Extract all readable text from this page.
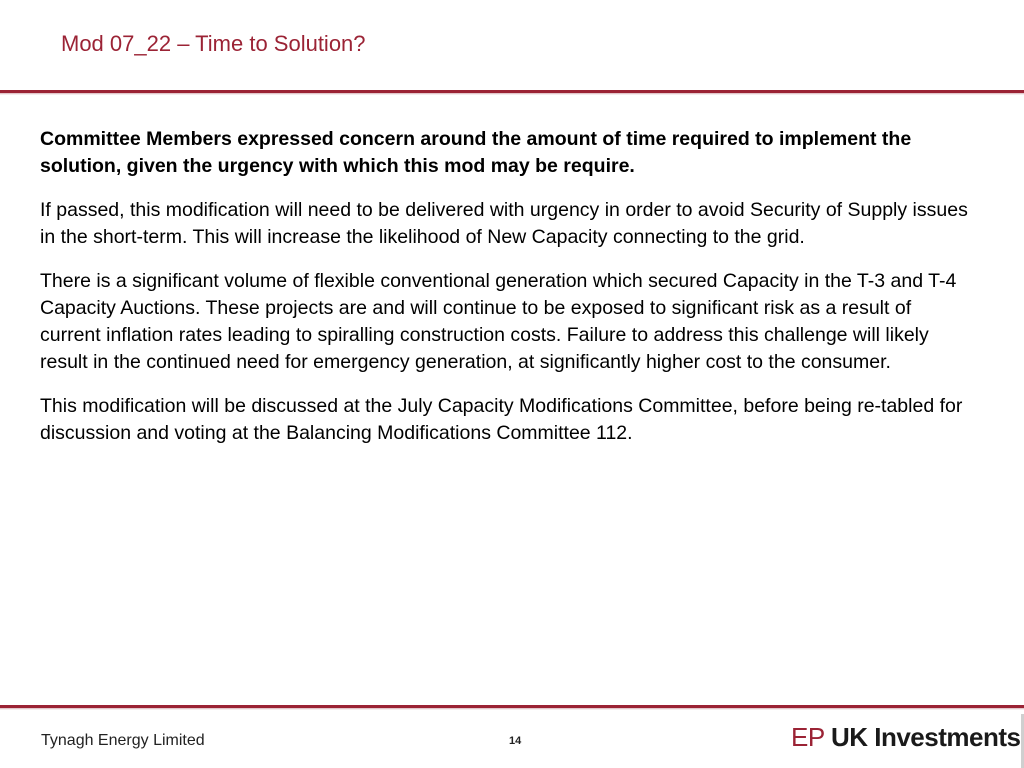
Mod 07_22 – Time to Solution?

Committee Members expressed concern around the amount of time required to implement the solution, given the urgency with which this mod may be require.

If passed, this modification will need to be delivered with urgency in order to avoid Security of Supply issues in the short-term. This will increase the likelihood of New Capacity connecting to the grid.

There is a significant volume of flexible conventional generation which secured Capacity in the T-3 and T-4 Capacity Auctions. These projects are and will continue to be exposed to significant risk as a result of current inflation rates leading to spiralling construction costs. Failure to address this challenge will likely result in the continued need for emergency generation, at significantly higher cost to the consumer.

This modification will be discussed at the July Capacity Modifications Committee, before being re-tabled for discussion and voting at the Balancing Modifications Committee 112.

Tynagh Energy Limited	14	EP UK Investments
